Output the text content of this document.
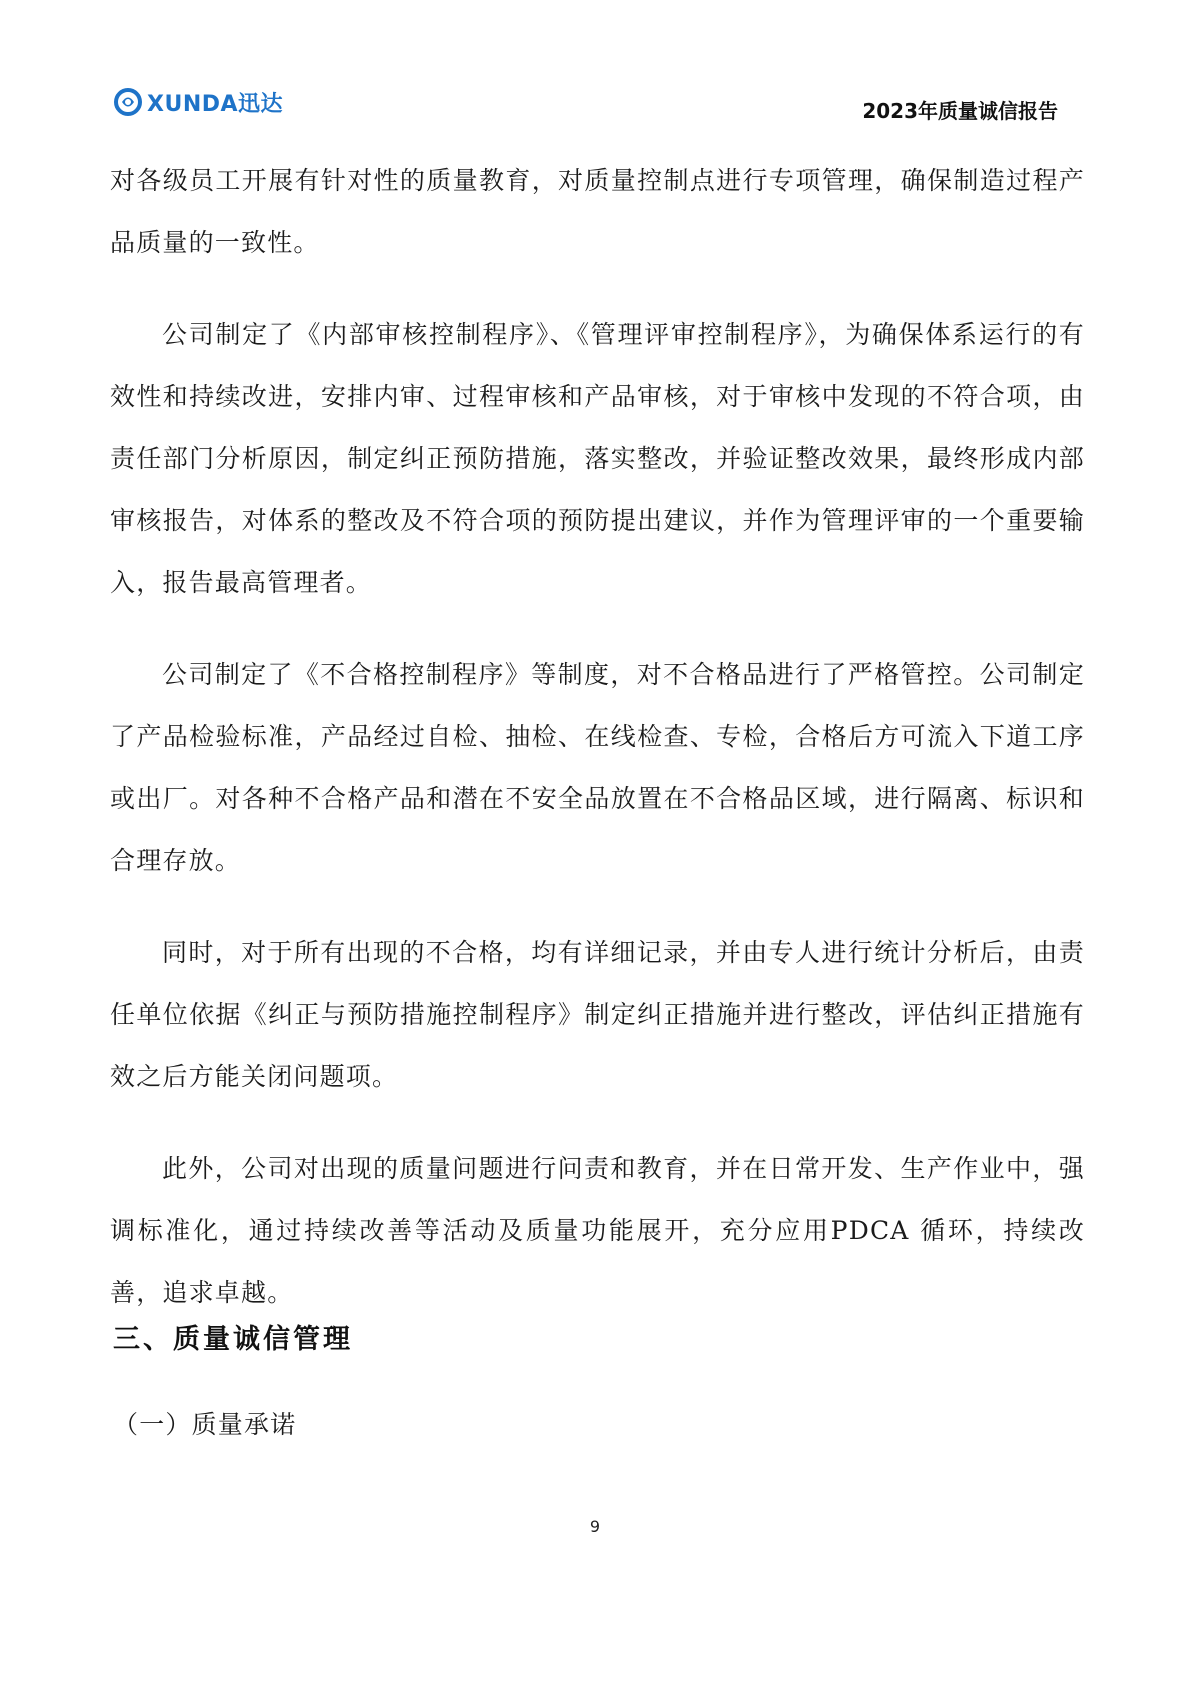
XUNDA迅达	2023年质量诚信报告

对各级员工开展有针对性的质量教育，对质量控制点进行专项管理，确保制造过程产品质量的一致性。

公司制定了《内部审核控制程序》、《管理评审控制程序》，为确保体系运行的有效性和持续改进，安排内审、过程审核和产品审核，对于审核中发现的不符合项，由责任部门分析原因，制定纠正预防措施，落实整改，并验证整改效果，最终形成内部审核报告，对体系的整改及不符合项的预防提出建议，并作为管理评审的一个重要输入，报告最高管理者。

公司制定了《不合格控制程序》等制度，对不合格品进行了严格管控。公司制定了产品检验标准，产品经过自检、抽检、在线检查、专检，合格后方可流入下道工序或出厂。对各种不合格产品和潜在不安全品放置在不合格品区域，进行隔离、标识和合理存放。

同时，对于所有出现的不合格，均有详细记录，并由专人进行统计分析后，由责任单位依据《纠正与预防措施控制程序》制定纠正措施并进行整改，评估纠正措施有效之后方能关闭问题项。

此外，公司对出现的质量问题进行问责和教育，并在日常开发、生产作业中，强调标准化，通过持续改善等活动及质量功能展开，充分应用PDCA 循环，持续改善，追求卓越。

三、质量诚信管理

（一）质量承诺

9
